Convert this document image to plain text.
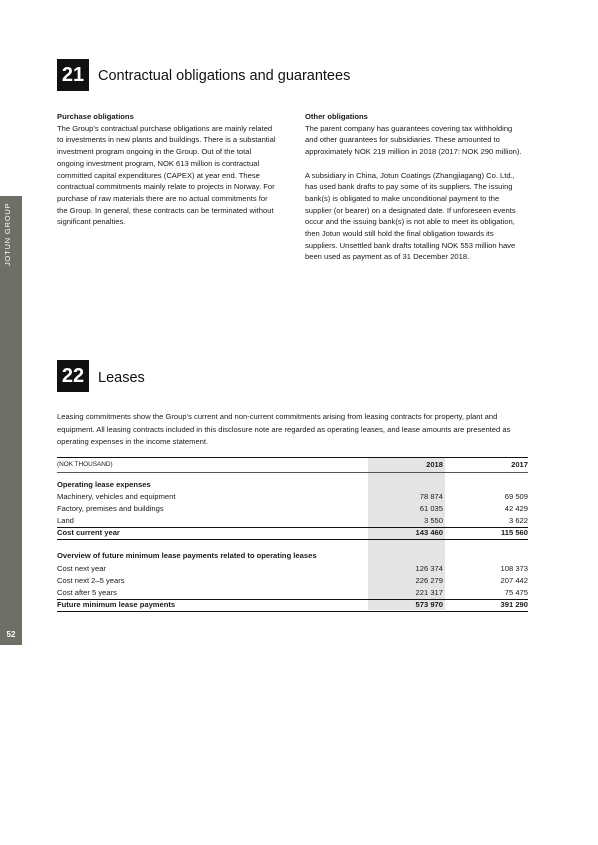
JOTUN GROUP
52
21 Contractual obligations and guarantees
Purchase obligations

The Group’s contractual purchase obligations are mainly related to investments in new plants and buildings. There is a substantial investment program ongoing in the Group. Out of the total ongoing investment program, NOK 613 million is contractual committed capital expenditures (CAPEX) at year end. These contractual commitments mainly relate to projects in Norway. For purchase of raw materials there are no actual commitments for the Group. In general, these contracts can be terminated without significant penalties.

Other obligations

The parent company has guarantees covering tax withholding and other guarantees for subsidiaries. These amounted to approximately NOK 219 million in 2018 (2017: NOK 290 million).

A subsidiary in China, Jotun Coatings (Zhangjiagang) Co. Ltd., has used bank drafts to pay some of its suppliers. The issuing bank(s) is obligated to make unconditional payment to the supplier (or bearer) on a designated date. If unforeseen events occur and the issuing bank(s) is not able to meet its obligation, then Jotun would still hold the final obligation towards its suppliers. Unsettled bank drafts totalling NOK 553 million have been used as payment as of 31 December 2018.

22 Leases

Leasing commitments show the Group’s current and non-current commitments arising from leasing contracts for property, plant and equipment. All leasing contracts included in this disclosure note are regarded as operating leases, and lease amounts are presented as operating expenses in the income statement.

(NOK THOUSAND)	2018	2017
Operating lease expenses
Machinery, vehicles and equipment	78 874	69 509
Factory, premises and buildings	61 035	42 429
Land	3 550	3 622
Cost current year	143 460	115 560
Overview of future minimum lease payments related to operating leases
Cost next year	126 374	108 373
Cost next 2–5 years	226 279	207 442
Cost after 5 years	221 317	75 475
Future minimum lease payments	573 970	391 290
